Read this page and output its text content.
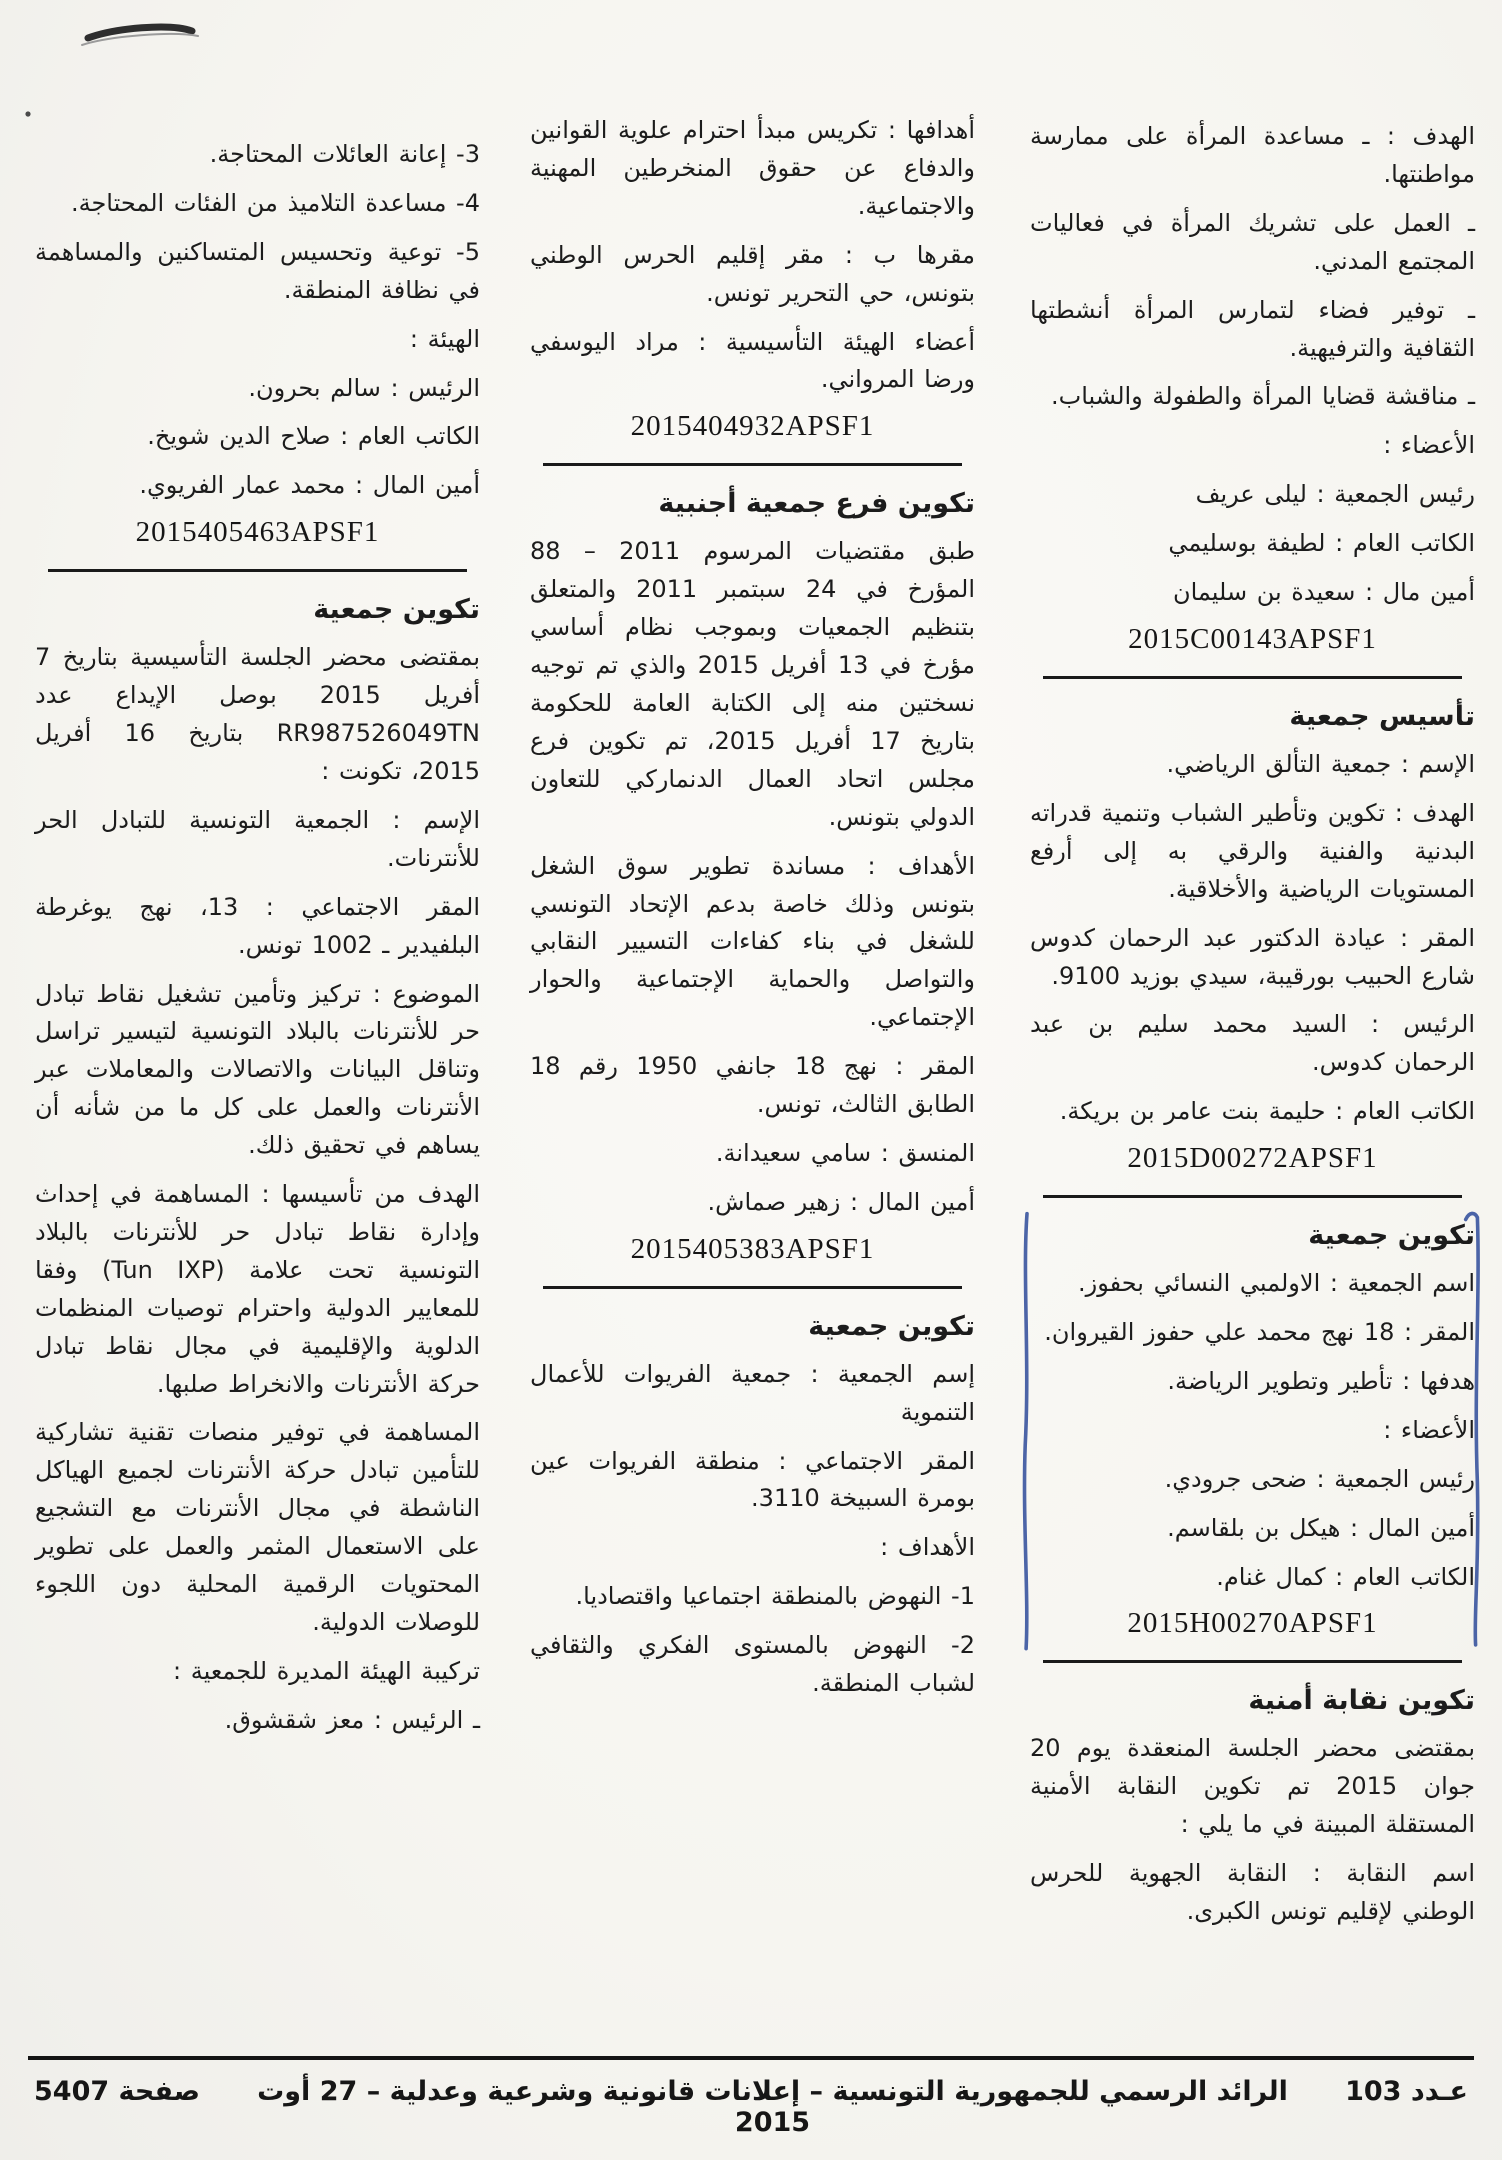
الهدف : ـ مساعدة المرأة على ممارسة مواطنتها.
ـ العمل على تشريك المرأة في فعاليات المجتمع المدني.
ـ توفير فضاء لتمارس المرأة أنشطتها الثقافية والترفيهية.
ـ مناقشة قضايا المرأة والطفولة والشباب.
الأعضاء :
رئيس الجمعية : ليلى عريف
الكاتب العام : لطيفة بوسليمي
أمين مال : سعيدة بن سليمان
2015C00143APSF1
تأسيس جمعية
الإسم : جمعية التألق الرياضي.
الهدف : تكوين وتأطير الشباب وتنمية قدراته البدنية والفنية والرقي به إلى أرفع المستويات الرياضية والأخلاقية.
المقر : عيادة الدكتور عبد الرحمان كدوس شارع الحبيب بورقيبة، سيدي بوزيد 9100.
الرئيس : السيد محمد سليم بن عبد الرحمان كدوس.
الكاتب العام : حليمة بنت عامر بن بريكة.
2015D00272APSF1
تكوين جمعية
اسم الجمعية : الاولمبي النسائي بحفوز.
المقر : 18 نهج محمد علي حفوز القيروان.
هدفها : تأطير وتطوير الرياضة.
الأعضاء :
رئيس الجمعية : ضحى جرودي.
أمين المال : هيكل بن بلقاسم.
الكاتب العام : كمال غنام.
2015H00270APSF1
تكوين نقابة أمنية
بمقتضى محضر الجلسة المنعقدة يوم 20 جوان 2015 تم تكوين النقابة الأمنية المستقلة المبينة في ما يلي :
اسم النقابة : النقابة الجهوية للحرس الوطني لإقليم تونس الكبرى.
أهدافها : تكريس مبدأ احترام علوية القوانين والدفاع عن حقوق المنخرطين المهنية والاجتماعية.
مقرها ب : مقر إقليم الحرس الوطني بتونس، حي التحرير تونس.
أعضاء الهيئة التأسيسية : مراد اليوسفي ورضا المرواني.
2015404932APSF1
تكوين فرع جمعية أجنبية
طبق مقتضيات المرسوم 2011 – 88 المؤرخ في 24 سبتمبر 2011 والمتعلق بتنظيم الجمعيات وبموجب نظام أساسي مؤرخ في 13 أفريل 2015 والذي تم توجيه نسختين منه إلى الكتابة العامة للحكومة بتاريخ 17 أفريل 2015، تم تكوين فرع مجلس اتحاد العمال الدنماركي للتعاون الدولي بتونس.
الأهداف : مساندة تطوير سوق الشغل بتونس وذلك خاصة بدعم الإتحاد التونسي للشغل في بناء كفاءات التسيير النقابي والتواصل والحماية الإجتماعية والحوار الإجتماعي.
المقر : نهج 18 جانفي 1950 رقم 18 الطابق الثالث، تونس.
المنسق : سامي سعيدانة.
أمين المال : زهير صماش.
2015405383APSF1
تكوين جمعية
إسم الجمعية : جمعية الفريوات للأعمال التنموية
المقر الاجتماعي : منطقة الفريوات عين بومرة السبيخة 3110.
الأهداف :
1- النهوض بالمنطقة اجتماعيا واقتصاديا.
2- النهوض بالمستوى الفكري والثقافي لشباب المنطقة.
3- إعانة العائلات المحتاجة.
4- مساعدة التلاميذ من الفئات المحتاجة.
5- توعية وتحسيس المتساكنين والمساهمة في نظافة المنطقة.
الهيئة :
الرئيس : سالم بحرون.
الكاتب العام : صلاح الدين شويخ.
أمين المال : محمد عمار الفريوي.
2015405463APSF1
تكوين جمعية
بمقتضى محضر الجلسة التأسيسية بتاريخ 7 أفريل 2015 بوصل الإيداع عدد RR987526049TN بتاريخ 16 أفريل 2015، تكونت :
الإسم : الجمعية التونسية للتبادل الحر للأنترنات.
المقر الاجتماعي : 13، نهج يوغرطة البلفيدير ـ 1002 تونس.
الموضوع : تركيز وتأمين تشغيل نقاط تبادل حر للأنترنات بالبلاد التونسية لتيسير تراسل وتناقل البيانات والاتصالات والمعاملات عبر الأنترنات والعمل على كل ما من شأنه أن يساهم في تحقيق ذلك.
الهدف من تأسيسها : المساهمة في إحداث وإدارة نقاط تبادل حر للأنترنات بالبلاد التونسية تحت علامة (Tun IXP) وفقا للمعايير الدولية واحترام توصيات المنظمات الدلوية والإقليمية في مجال نقاط تبادل حركة الأنترنات والانخراط صلبها.
المساهمة في توفير منصات تقنية تشاركية للتأمين تبادل حركة الأنترنات لجميع الهياكل الناشطة في مجال الأنترنات مع التشجيع على الاستعمال المثمر والعمل على تطوير المحتويات الرقمية المحلية دون اللجوء للوصلات الدولية.
تركيبة الهيئة المديرة للجمعية :
ـ الرئيس : معز شقشوق.
عـدد 103
الرائد الرسمي للجمهورية التونسية – إعلانات قانونية وشرعية وعدلية – 27 أوت 2015
صفحة 5407
